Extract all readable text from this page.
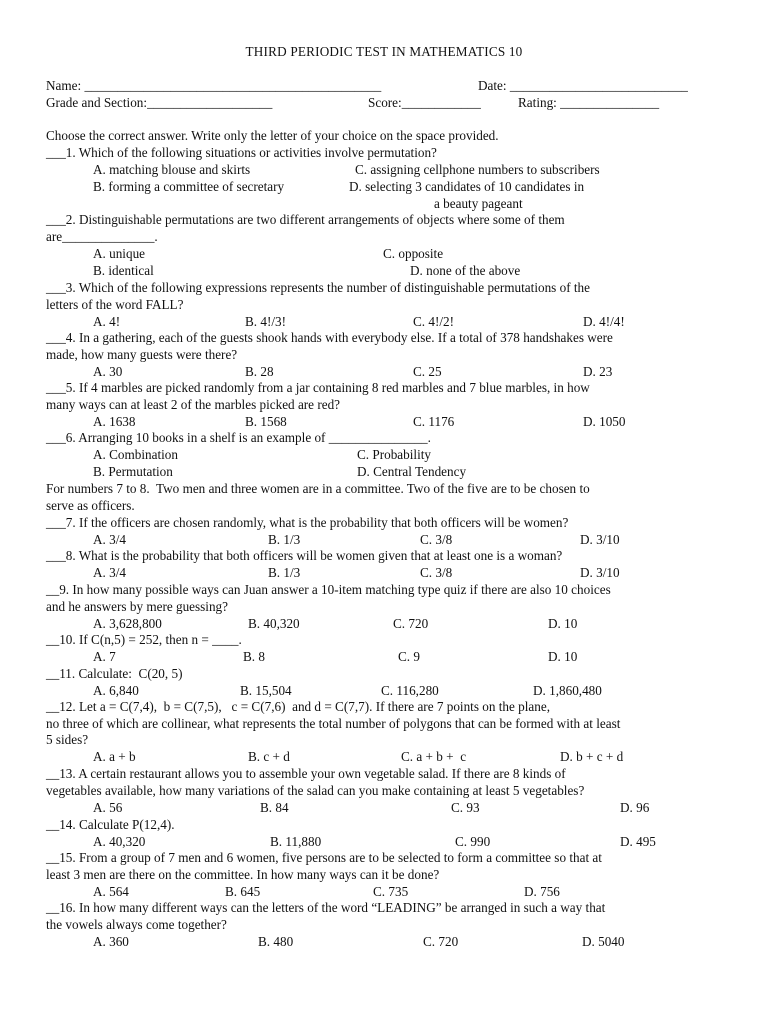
THIRD PERIODIC TEST IN MATHEMATICS 10
Name: _____________________________________________	Date: ___________________________
Grade and Section:___________________	Score:____________	Rating: _______________
Choose the correct answer. Write only the letter of your choice on the space provided.
___1. Which of the following situations or activities involve permutation?
A. matching blouse and skirts	C. assigning cellphone numbers to subscribers
B. forming a committee of secretary	D. selecting 3 candidates of 10 candidates in
a beauty pageant
___2. Distinguishable permutations are two different arrangements of objects where some of them
are______________.
A. unique	C. opposite
B. identical	D. none of the above
___3. Which of the following expressions represents the number of distinguishable permutations of the
letters of the word FALL?
A. 4!	B. 4!/3!	C. 4!/2!	D. 4!/4!
___4. In a gathering, each of the guests shook hands with everybody else. If a total of 378 handshakes were
made, how many guests were there?
A. 30	B. 28	C. 25	D. 23
___5. If 4 marbles are picked randomly from a jar containing 8 red marbles and 7 blue marbles, in how
many ways can at least 2 of the marbles picked are red?
A. 1638	B. 1568	C. 1176	D. 1050
___6. Arranging 10 books in a shelf is an example of _______________.
A. Combination	C. Probability
B. Permutation	D. Central Tendency
For numbers 7 to 8.  Two men and three women are in a committee. Two of the five are to be chosen to
serve as officers.
___7. If the officers are chosen randomly, what is the probability that both officers will be women?
A. 3/4	B. 1/3	C. 3/8	D. 3/10
___8. What is the probability that both officers will be women given that at least one is a woman?
A. 3/4	B. 1/3	C. 3/8	D. 3/10
__9. In how many possible ways can Juan answer a 10-item matching type quiz if there are also 10 choices
and he answers by mere guessing?
A. 3,628,800	B. 40,320	C. 720	D. 10
__10. If C(n,5) = 252, then n = ____.
A. 7	B. 8	C. 9	D. 10
__11. Calculate:  C(20, 5)
A. 6,840	B. 15,504	C. 116,280	D. 1,860,480
__12. Let a = C(7,4),  b = C(7,5),   c = C(7,6)  and d = C(7,7). If there are 7 points on the plane,
no three of which are collinear, what represents the total number of polygons that can be formed with at least
5 sides?
A. a + b	B. c + d	C. a + b +  c	D. b + c + d
__13. A certain restaurant allows you to assemble your own vegetable salad. If there are 8 kinds of
vegetables available, how many variations of the salad can you make containing at least 5 vegetables?
A. 56	B. 84	C. 93	D. 96
__14. Calculate P(12,4).
A. 40,320	B. 11,880	C. 990	D. 495
__15. From a group of 7 men and 6 women, five persons are to be selected to form a committee so that at
least 3 men are there on the committee. In how many ways can it be done?
A. 564	B. 645	C. 735	D. 756
__16. In how many different ways can the letters of the word “LEADING” be arranged in such a way that
the vowels always come together?
A. 360	B. 480	C. 720	D. 5040
